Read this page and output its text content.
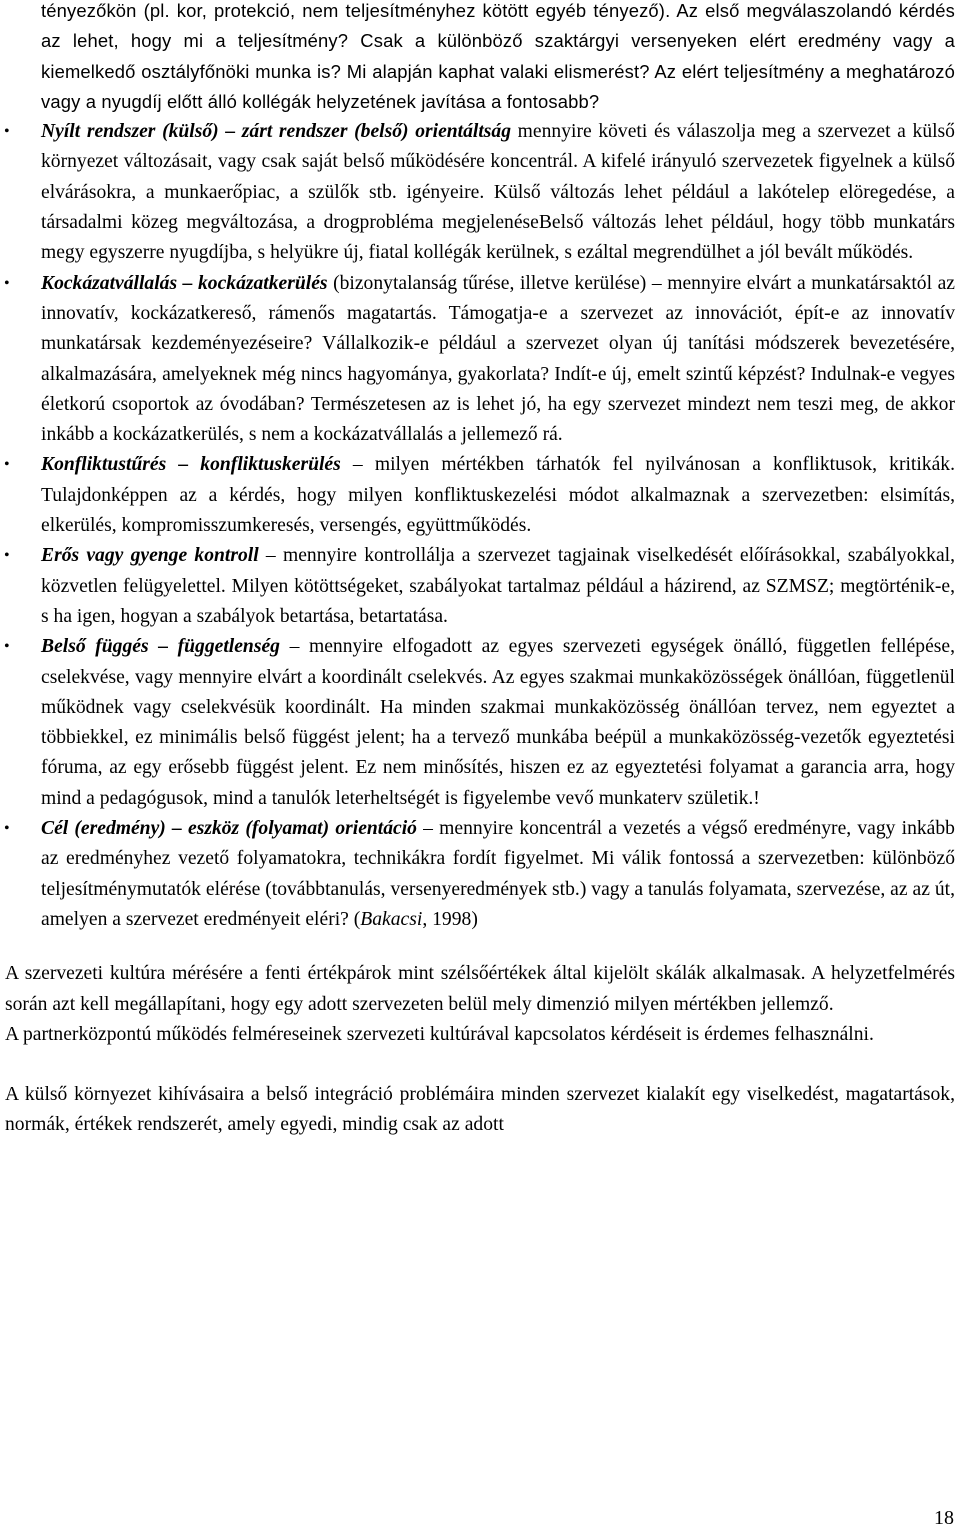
tényezőkön (pl. kor, protekció, nem teljesítményhez kötött egyéb tényező). Az első megválaszolandó kérdés az lehet, hogy mi a teljesítmény? Csak a különböző szaktárgyi versenyeken elért eredmény vagy a kiemelkedő osztályfőnöki munka is? Mi alapján kaphat valaki elismerést? Az elért teljesítmény a meghatározó vagy a nyugdíj előtt álló kollégák helyzetének javítása a fontosabb?
• Nyílt rendszer (külső) – zárt rendszer (belső) orientáltság mennyire követi és válaszolja meg a szervezet a külső környezet változásait, vagy csak saját belső működésére koncentrál. A kifelé irányuló szervezetek figyelnek a külső elvárásokra, a munkaerőpiac, a szülők stb. igényeire. Külső változás lehet például a lakótelep elöregedése, a társadalmi közeg megváltozása, a drogprobléma megjelenéseBelső változás lehet például, hogy több munkatárs megy egyszerre nyugdíjba, s helyükre új, fiatal kollégák kerülnek, s ezáltal megrendülhet a jól bevált működés.
• Kockázatvállalás – kockázatkerülés (bizonytalanság tűrése, illetve kerülése) – mennyire elvárt a munkatársaktól az innovatív, kockázatkereső, rámenős magatartás. Támogatja-e a szervezet az innovációt, épít-e az innovatív munkatársak kezdeményezéseire? Vállalkozik-e például a szervezet olyan új tanítási módszerek bevezetésére, alkalmazására, amelyeknek még nincs hagyománya, gyakorlata? Indít-e új, emelt szintű képzést? Indulnak-e vegyes életkorú csoportok az óvodában? Természetesen az is lehet jó, ha egy szervezet mindezt nem teszi meg, de akkor inkább a kockázatkerülés, s nem a kockázatvállalás a jellemező rá.
• Konfliktustűrés – konfliktuskerülés – milyen mértékben tárhatók fel nyilvánosan a konfliktusok, kritikák. Tulajdonképpen az a kérdés, hogy milyen konfliktuskezelési módot alkalmaznak a szervezetben: elsimítás, elkerülés, kompromisszumkeresés, versengés, együttműködés.
• Erős vagy gyenge kontroll – mennyire kontrollálja a szervezet tagjainak viselkedését előírásokkal, szabályokkal, közvetlen felügyelettel. Milyen kötöttségeket, szabályokat tartalmaz például a házirend, az SZMSZ; megtörténik-e, s ha igen, hogyan a szabályok betartása, betartatása.
• Belső függés – függetlenség – mennyire elfogadott az egyes szervezeti egységek önálló, független fellépése, cselekvése, vagy mennyire elvárt a koordinált cselekvés. Az egyes szakmai munkaközösségek önállóan, függetlenül működnek vagy cselekvésük koordinált. Ha minden szakmai munkaközösség önállóan tervez, nem egyeztet a többiekkel, ez minimális belső függést jelent; ha a tervező munkába beépül a munkaközösség-vezetők egyeztetési fóruma, az egy erősebb függést jelent. Ez nem minősítés, hiszen ez az egyeztetési folyamat a garancia arra, hogy mind a pedagógusok, mind a tanulók leterheltségét is figyelembe vevő munkaterv születik.!
• Cél (eredmény) – eszköz (folyamat) orientáció – mennyire koncentrál a vezetés a végső eredményre, vagy inkább az eredményhez vezető folyamatokra, technikákra fordít figyelmet. Mi válik fontossá a szervezetben: különböző teljesítménymutatók elérése (továbbtanulás, versenyeredmények stb.) vagy a tanulás folyamata, szervezése, az az út, amelyen a szervezet eredményeit eléri? (Bakacsi, 1998)
A szervezeti kultúra mérésére a fenti értékpárok mint szélsőértékek által kijelölt skálák alkalmasak. A helyzetfelmérés során azt kell megállapítani, hogy egy adott szervezeten belül mely dimenzió milyen mértékben jellemző.
A partnerközpontú működés felméreseinek szervezeti kultúrával kapcsolatos kérdéseit is érdemes felhasználni.
A külső környezet kihívásaira a belső integráció problémáira minden szervezet kialakít egy viselkedést, magatartások, normák, értékek rendszerét, amely egyedi, mindig csak az adott
18
